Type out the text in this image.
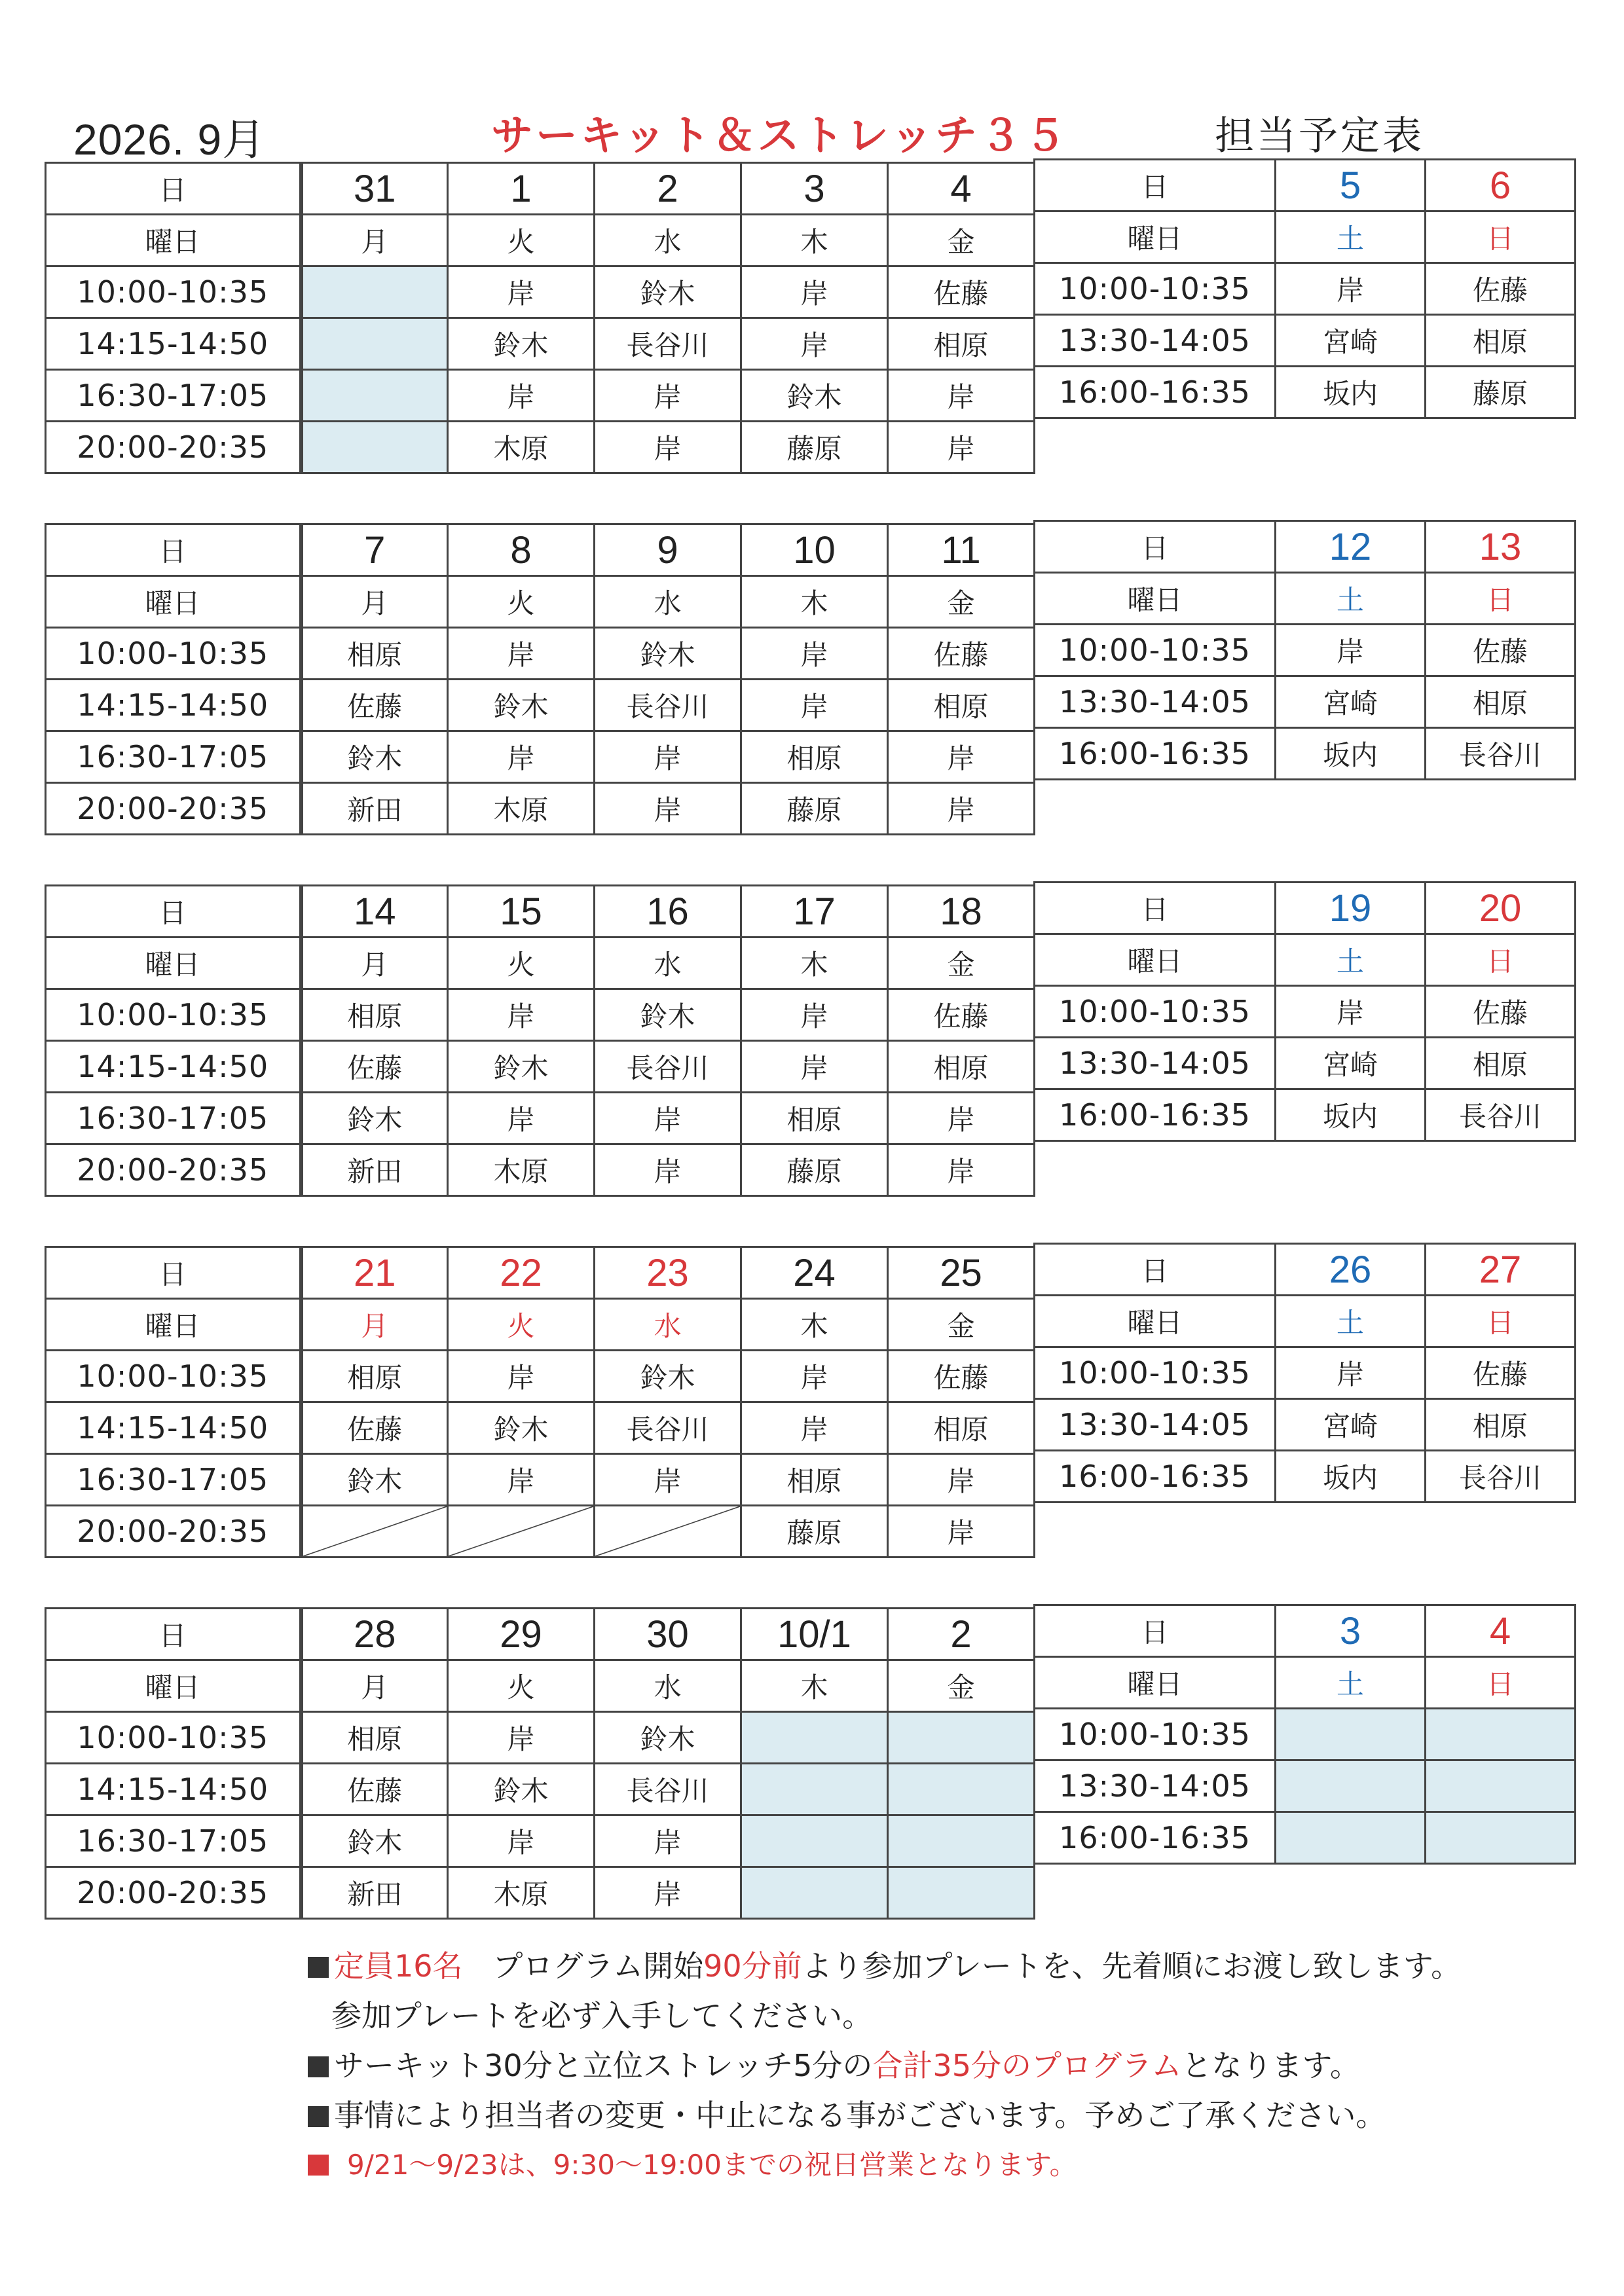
2026. 9月	サーキット＆ストレッチ３５	担当予定表
日	31	1	2	3	4
曜日	月	火	水	木	金
10:00-10:35		岸	鈴木	岸	佐藤
14:15-14:50		鈴木	長谷川	岸	相原
16:30-17:05		岸	岸	鈴木	岸
20:00-20:35		木原	岸	藤原	岸
日	5	6
曜日	土	日
10:00-10:35	岸	佐藤
13:30-14:05	宮崎	相原
16:00-16:35	坂内	藤原
日	7	8	9	10	11
曜日	月	火	水	木	金
10:00-10:35	相原	岸	鈴木	岸	佐藤
14:15-14:50	佐藤	鈴木	長谷川	岸	相原
16:30-17:05	鈴木	岸	岸	相原	岸
20:00-20:35	新田	木原	岸	藤原	岸
日	12	13
曜日	土	日
10:00-10:35	岸	佐藤
13:30-14:05	宮崎	相原
16:00-16:35	坂内	長谷川
日	14	15	16	17	18
曜日	月	火	水	木	金
10:00-10:35	相原	岸	鈴木	岸	佐藤
14:15-14:50	佐藤	鈴木	長谷川	岸	相原
16:30-17:05	鈴木	岸	岸	相原	岸
20:00-20:35	新田	木原	岸	藤原	岸
日	19	20
曜日	土	日
10:00-10:35	岸	佐藤
13:30-14:05	宮崎	相原
16:00-16:35	坂内	長谷川
日	21	22	23	24	25
曜日	月	火	水	木	金
10:00-10:35	相原	岸	鈴木	岸	佐藤
14:15-14:50	佐藤	鈴木	長谷川	岸	相原
16:30-17:05	鈴木	岸	岸	相原	岸
20:00-20:35				藤原	岸
日	26	27
曜日	土	日
10:00-10:35	岸	佐藤
13:30-14:05	宮崎	相原
16:00-16:35	坂内	長谷川
日	28	29	30	10/1	2
曜日	月	火	水	木	金
10:00-10:35	相原	岸	鈴木		
14:15-14:50	佐藤	鈴木	長谷川		
16:30-17:05	鈴木	岸	岸		
20:00-20:35	新田	木原	岸		
日	3	4
曜日	土	日
10:00-10:35		
13:30-14:05		
16:00-16:35		
定員16名　プログラム開始90分前より参加プレートを、先着順にお渡し致します。
参加プレートを必ず入手してください。
サーキット30分と立位ストレッチ5分の合計35分のプログラムとなります。
事情により担当者の変更・中止になる事がございます。予めご了承ください。
9/21～9/23は、9:30～19:00までの祝日営業となります。
